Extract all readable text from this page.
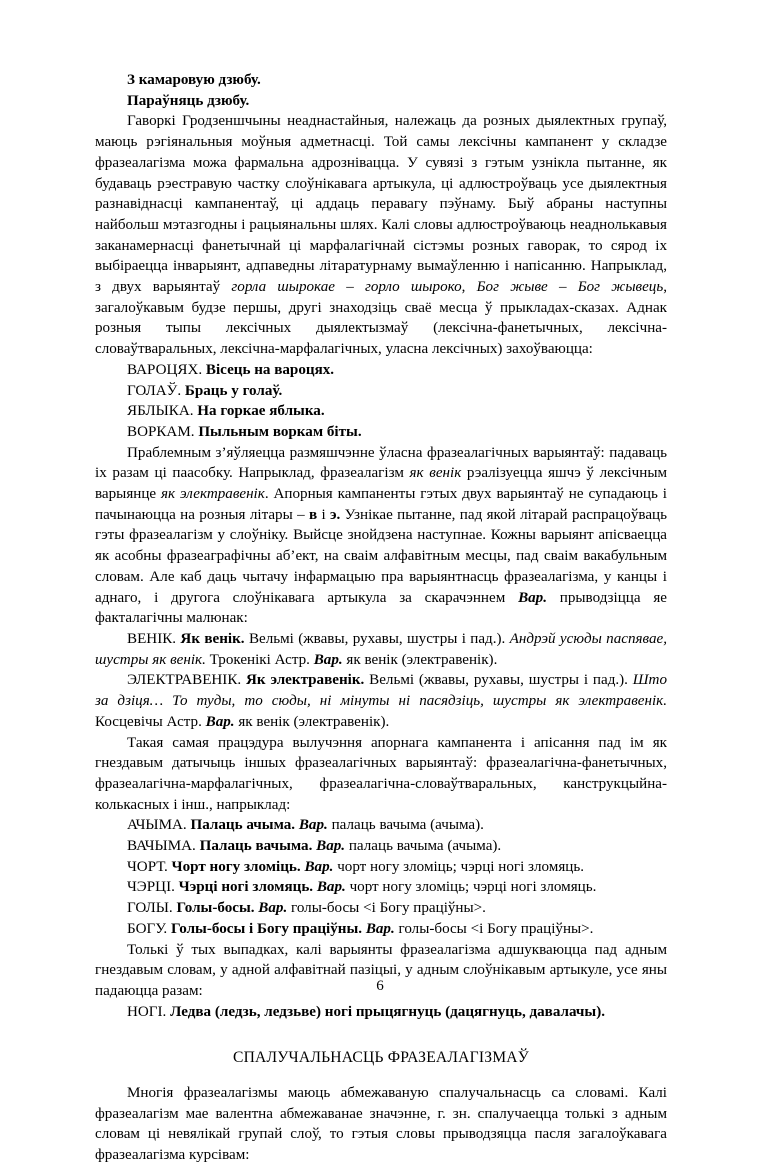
З камаровую дзюбу.

Параўняць дзюбу.

Гаворкі Гродзеншчыны неаднастайныя, належаць да розных дыялектных групаў, маюць рэгіянальныя моўныя адметнасці. Той самы лексічны кампанент у складзе фразеалагізма можа фармальна адрознівацца. У сувязі з гэтым узнікла пытанне, як будаваць рэестравую частку слоўнікавага артыкула, ці адлюстроўваць усе дыялектныя разнавіднасці кампанентаў, ці аддаць перавагу пэўнаму. Быў абраны наступны найбольш мэтазгодны і рацыянальны шлях. Калі словы адлюстроўваюць неаднолькавыя заканамернасці фанетычнай ці марфалагічнай сістэмы розных гаворак, то сярод іх выбіраецца інварыянт, адпаведны літаратурнаму вымаўленню і напісанню. Напрыклад, з двух варыянтаў горла шырокае – горло шыроко, Бог жыве – Бог жывець, загалоўкавым будзе першы, другі знаходзіць сваё месца ў прыкладах-сказах. Аднак розныя тыпы лексічных дыялектызмаў (лексічна-фанетычных, лексічна-словаўтваральных, лексічна-марфалагічных, уласна лексічных) захоўваюцца:

ВАРОЦЯХ. Вісець на вароцях.

ГОЛАЎ. Браць у голаў.

ЯБЛЫКА. На горкае яблыка.

ВОРКАМ. Пыльным воркам біты.

Праблемным з’яўляецца размяшчэнне ўласна фразеалагічных варыянтаў: падаваць іх разам ці паасобку. Напрыклад, фразеалагізм як венік рэалізуецца яшчэ ў лексічным варыянце як электравенік. Апорныя кампаненты гэтых двух варыянтаў не супадаюць і пачынаюцца на розныя літары – в і э. Узнікае пытанне, пад якой літарай распрацоўваць гэты фразеалагізм у слоўніку. Выйсце знойдзена наступнае. Кожны варыянт апісваецца як асобны фразеаграфічны аб’ект, на сваім алфавітным месцы, пад сваім вакабульным словам. Але каб даць чытачу інфармацыю пра варыянтнасць фразеалагізма, у канцы і аднаго, і другога слоўнікавага артыкула за скарачэннем Вар. прыводзіцца яе факталагічны малюнак:

ВЕНІК. Як венік. Вельмі (жвавы, рухавы, шустры і пад.). Андрэй усюды паспявае, шустры як венік. Трокенікі Астр. Вар. як венік (электравенік).

ЭЛЕКТРАВЕНІК. Як электравенік. Вельмі (жвавы, рухавы, шустры і пад.). Што за дзіця… То туды, то сюды, ні мінуты ні пасядзіць, шустры як электравенік. Косцевічы Астр. Вар. як венік (электравенік).

Такая самая працэдура вылучэння апорнага кампанента і апісання пад ім як гнездавым датычыць іншых фразеалагічных варыянтаў: фразеалагічна-фанетычных, фразеалагічна-марфалагічных, фразеалагічна-словаўтваральных, канструкцыйна-колькасных і інш., напрыклад:

АЧЫМА. Палаць ачыма. Вар. палаць вачыма (ачыма).

ВАЧЫМА. Палаць вачыма. Вар. палаць вачыма (ачыма).

ЧОРТ. Чорт ногу зломіць. Вар. чорт ногу зломіць; чэрці ногі зломяць.

ЧЭРЦІ. Чэрці ногі зломяць. Вар. чорт ногу зломіць; чэрці ногі зломяць.

ГОЛЫ. Голы-босы. Вар. голы-босы <і Богу праціўны>.

БОГУ. Голы-босы і Богу праціўны. Вар. голы-босы <і Богу праціўны>.

Толькі ў тых выпадках, калі варыянты фразеалагізма адшукваюцца пад адным гнездавым словам, у адной алфавітнай пазіцыі, у адным слоўнікавым артыкуле, усе яны падаюцца разам:

НОГІ. Ледва (ледзь, ледзьве) ногі прыцягнуць (дацягнуць, давалачы).

СПАЛУЧАЛЬНАСЦЬ ФРАЗЕАЛАГІЗМАЎ

Многія фразеалагізмы маюць абмежаваную спалучальнасць са словамі. Калі фразеалагізм мае валентна абмежаванае значэнне, г. зн. спалучаецца толькі з адным словам ці невялікай групай слоў, то гэтыя словы прыводзяцца пасля загалоўкавага фразеалагізма курсівам:

6
